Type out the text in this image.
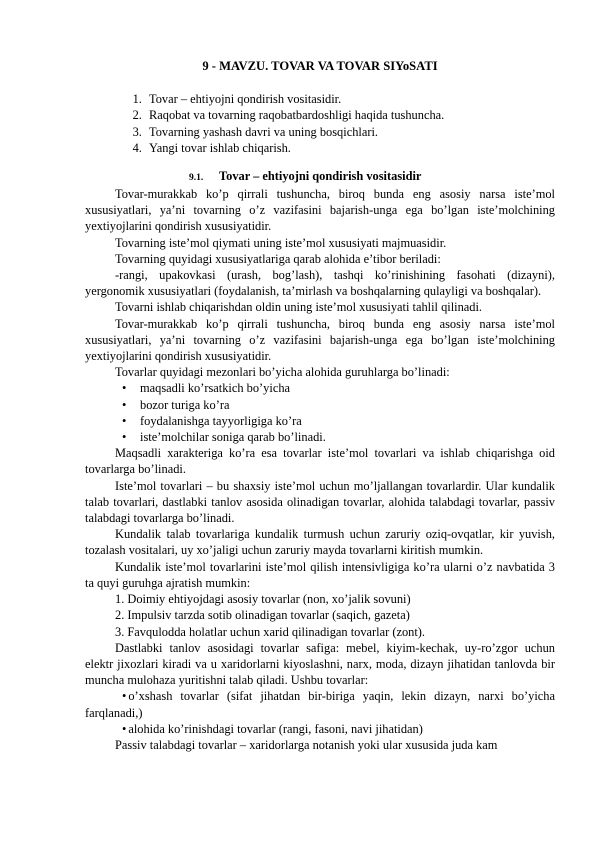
9 - MAVZU. TOVAR VA TOVAR SIYoSATI
1. Tovar – ehtiyojni qondirish vositasidir.
2. Raqobat va tovarning raqobatbardoshligi haqida tushuncha.
3. Tovarning yashash davri va uning bosqichlari.
4. Yangi tovar ishlab chiqarish.
9.1. Tovar – ehtiyojni qondirish vositasidir

Tovar-murakkab ko’p qirrali tushuncha, biroq bunda eng asosiy narsa iste’mol xususiyatlari, ya’ni tovarning o’z vazifasini bajarish-unga ega bo’lgan iste’molchining yextiyojlarini qondirish xususiyatidir.

Tovarning iste’mol qiymati uning iste’mol xususiyati majmuasidir.

Tovarning quyidagi xususiyatlariga qarab alohida e’tibor beriladi:

-rangi, upakovkasi (urash, bog’lash), tashqi ko’rinishining fasohati (dizayni), yergonomik xususiyatlari (foydalanish, ta’mirlash va boshqalarning qulayligi va boshqalar).

Tovarni ishlab chiqarishdan oldin uning iste’mol xususiyati tahlil qilinadi.

Tovar-murakkab ko’p qirrali tushuncha, biroq bunda eng asosiy narsa iste’mol xususiyatlari, ya’ni tovarning o’z vazifasini bajarish-unga ega bo’lgan iste’molchining yextiyojlarini qondirish xususiyatidir.

Tovarlar quyidagi mezonlari bo’yicha alohida guruhlarga bo’linadi:

• maqsadli ko’rsatkich bo’yicha
• bozor turiga ko’ra
• foydalanishga tayyorligiga ko’ra
• iste’molchilar soniga qarab bo’linadi.

Maqsadli xarakteriga ko’ra esa tovarlar iste’mol tovarlari va ishlab chiqarishga oid tovarlarga bo’linadi.

Iste’mol tovarlari – bu shaxsiy iste’mol uchun mo’ljallangan tovarlardir. Ular kundalik talab tovarlari, dastlabki tanlov asosida olinadigan tovarlar, alohida talabdagi tovarlar, passiv talabdagi tovarlarga bo’linadi.

Kundalik talab tovarlariga kundalik turmush uchun zaruriy oziq-ovqatlar, kir yuvish, tozalash vositalari, uy xo’jaligi uchun zaruriy mayda tovarlarni kiritish mumkin.

Kundalik iste’mol tovarlarini iste’mol qilish intensivligiga ko’ra ularni o’z navbatida 3 ta quyi guruhga ajratish mumkin:

1. Doimiy ehtiyojdagi asosiy tovarlar (non, xo’jalik sovuni)

2. Impulsiv tarzda sotib olinadigan tovarlar (saqich, gazeta)

3. Favqulodda holatlar uchun xarid qilinadigan tovarlar (zont).

Dastlabki tanlov asosidagi tovarlar safiga: mebel, kiyim-kechak, uy-ro’zgor uchun elektr jixozlari kiradi va u xaridorlarni kiyoslashni, narx, moda, dizayn jihatidan tanlovda bir muncha mulohaza yuritishni talab qiladi. Ushbu tovarlar:

• o’xshash tovarlar (sifat jihatdan bir-biriga yaqin, lekin dizayn, narxi bo’yicha farqlanadi,)
• alohida ko’rinishdagi tovarlar (rangi, fasoni, navi jihatidan)

Passiv talabdagi tovarlar – xaridorlarga notanish yoki ular xususida juda kam
